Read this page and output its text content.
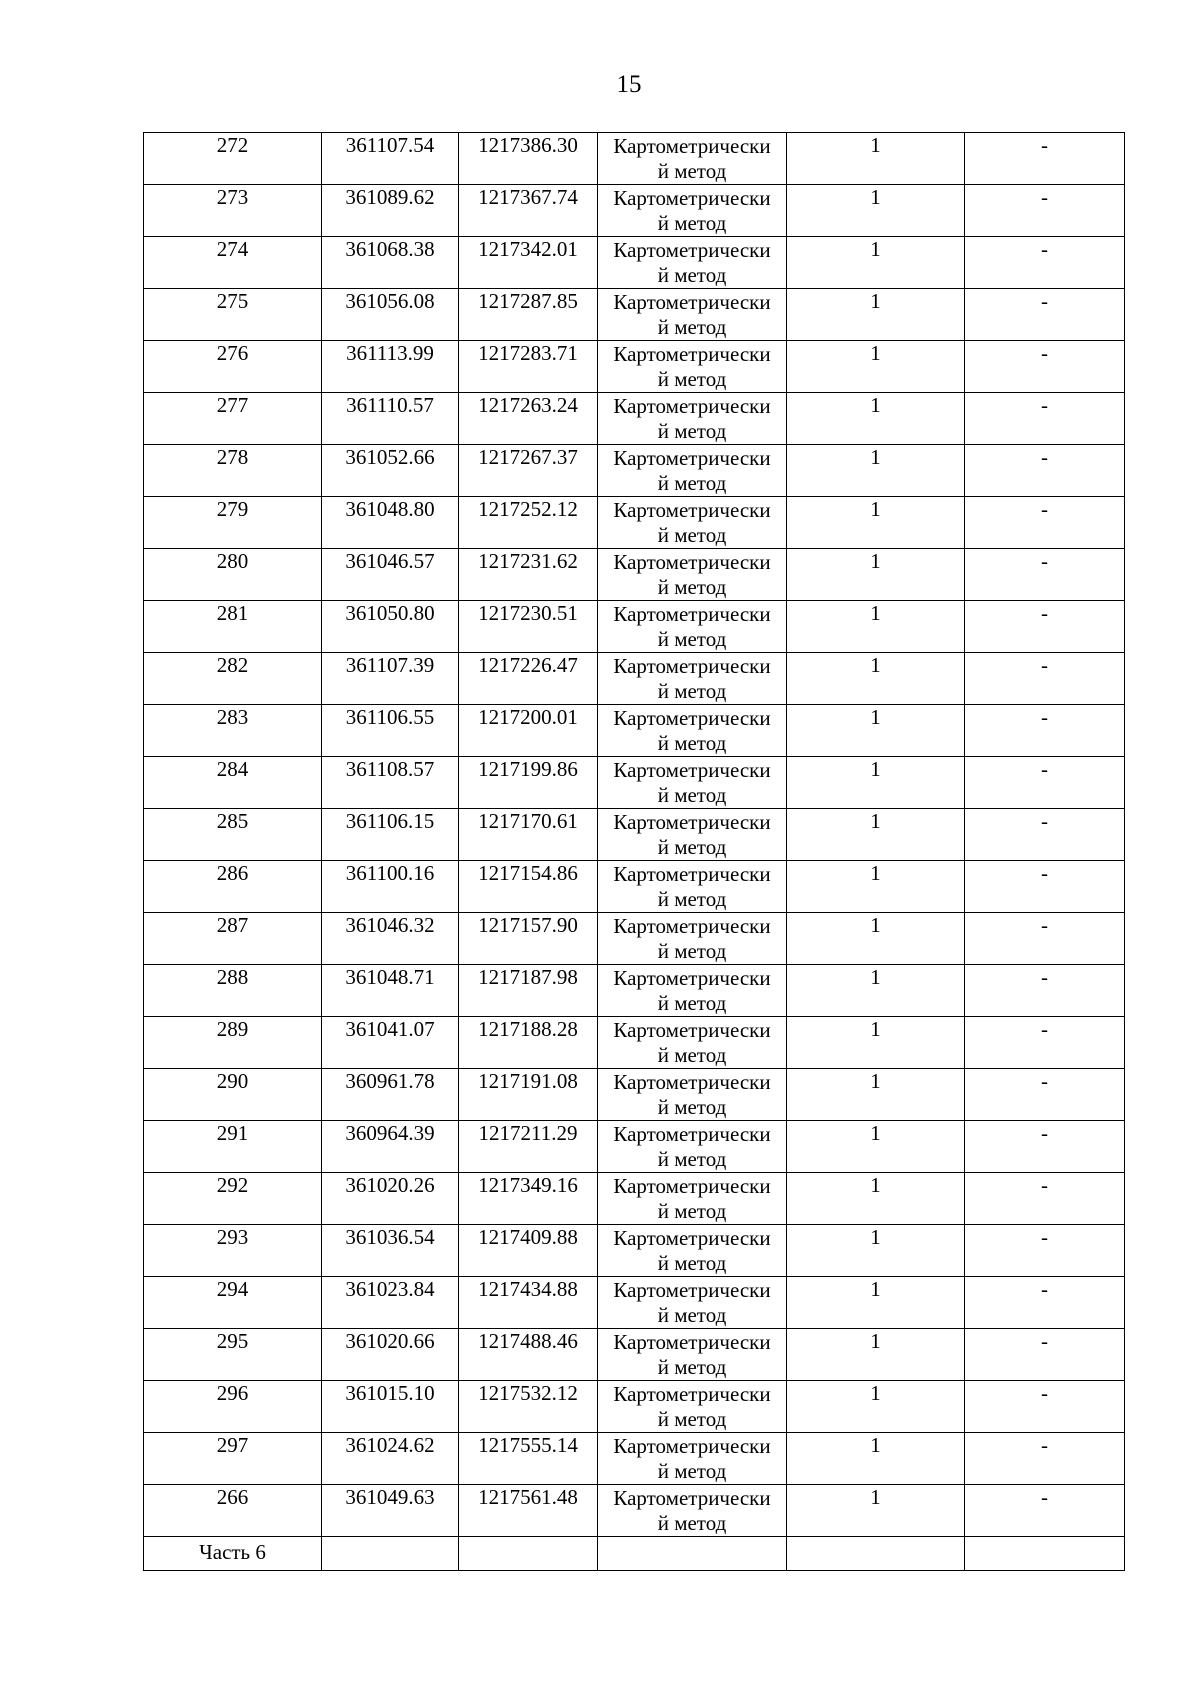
15
272	361107.54	1217386.30	Картометрически
й метод	1	-
273	361089.62	1217367.74	Картометрически
й метод	1	-
274	361068.38	1217342.01	Картометрически
й метод	1	-
275	361056.08	1217287.85	Картометрически
й метод	1	-
276	361113.99	1217283.71	Картометрически
й метод	1	-
277	361110.57	1217263.24	Картометрически
й метод	1	-
278	361052.66	1217267.37	Картометрически
й метод	1	-
279	361048.80	1217252.12	Картометрически
й метод	1	-
280	361046.57	1217231.62	Картометрически
й метод	1	-
281	361050.80	1217230.51	Картометрически
й метод	1	-
282	361107.39	1217226.47	Картометрически
й метод	1	-
283	361106.55	1217200.01	Картометрически
й метод	1	-
284	361108.57	1217199.86	Картометрически
й метод	1	-
285	361106.15	1217170.61	Картометрически
й метод	1	-
286	361100.16	1217154.86	Картометрически
й метод	1	-
287	361046.32	1217157.90	Картометрически
й метод	1	-
288	361048.71	1217187.98	Картометрически
й метод	1	-
289	361041.07	1217188.28	Картометрически
й метод	1	-
290	360961.78	1217191.08	Картометрически
й метод	1	-
291	360964.39	1217211.29	Картометрически
й метод	1	-
292	361020.26	1217349.16	Картометрически
й метод	1	-
293	361036.54	1217409.88	Картометрически
й метод	1	-
294	361023.84	1217434.88	Картометрически
й метод	1	-
295	361020.66	1217488.46	Картометрически
й метод	1	-
296	361015.10	1217532.12	Картометрически
й метод	1	-
297	361024.62	1217555.14	Картометрически
й метод	1	-
266	361049.63	1217561.48	Картометрически
й метод	1	-
Часть 6					
